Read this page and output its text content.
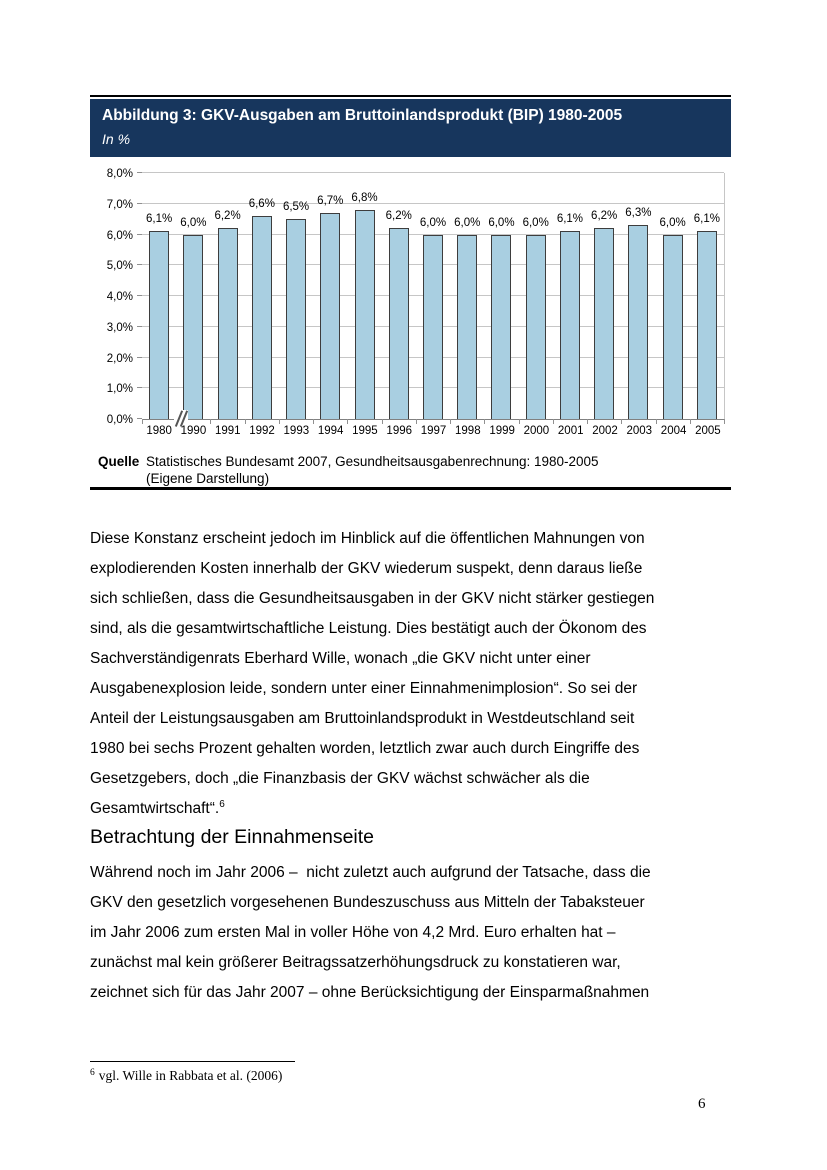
Abbildung 3: GKV-Ausgaben am Bruttoinlandsprodukt (BIP) 1980-2005
In %
0,0%
1,0%
2,0%
3,0%
4,0%
5,0%
6,0%
7,0%
8,0%
6,1% 6,0%
6,2%
6,6% 6,5%
6,7% 6,8%
6,2%
6,0% 6,0% 6,0% 6,0% 6,1% 6,2% 6,3%
6,0% 6,1%
1980 1990 1991 1992 1993 1994 1995 1996 1997 1998 1999 2000 2001 2002 2003 2004 2005
Quelle Statistisches Bundesamt 2007, Gesundheitsausgabenrechnung: 1980-2005
(Eigene Darstellung)
Diese Konstanz erscheint jedoch im Hinblick auf die öffentlichen Mahnungen von
explodierenden Kosten innerhalb der GKV wiederum suspekt, denn daraus ließe
sich schließen, dass die Gesundheitsausgaben in der GKV nicht stärker gestiegen
sind, als die gesamtwirtschaftliche Leistung. Dies bestätigt auch der Ökonom des
Sachverständigenrats Eberhard Wille, wonach „die GKV nicht unter einer
Ausgabenexplosion leide, sondern unter einer Einnahmenimplosion“. So sei der
Anteil der Leistungsausgaben am Bruttoinlandsprodukt in Westdeutschland seit
1980 bei sechs Prozent gehalten worden, letztlich zwar auch durch Eingriffe des
Gesetzgebers, doch „die Finanzbasis der GKV wächst schwächer als die
Gesamtwirtschaft“.$^6$
Betrachtung der Einnahmenseite
Während noch im Jahr 2006 –  nicht zuletzt auch aufgrund der Tatsache, dass die
GKV den gesetzlich vorgesehenen Bundeszuschuss aus Mitteln der Tabaksteuer
im Jahr 2006 zum ersten Mal in voller Höhe von 4,2 Mrd. Euro erhalten hat –
zunächst mal kein größerer Beitragssatzerhöhungsdruck zu konstatieren war,
zeichnet sich für das Jahr 2007 – ohne Berücksichtigung der Einsparmaßnahmen
$^6$ vgl. Wille in Rabbata et al. (2006)
6
